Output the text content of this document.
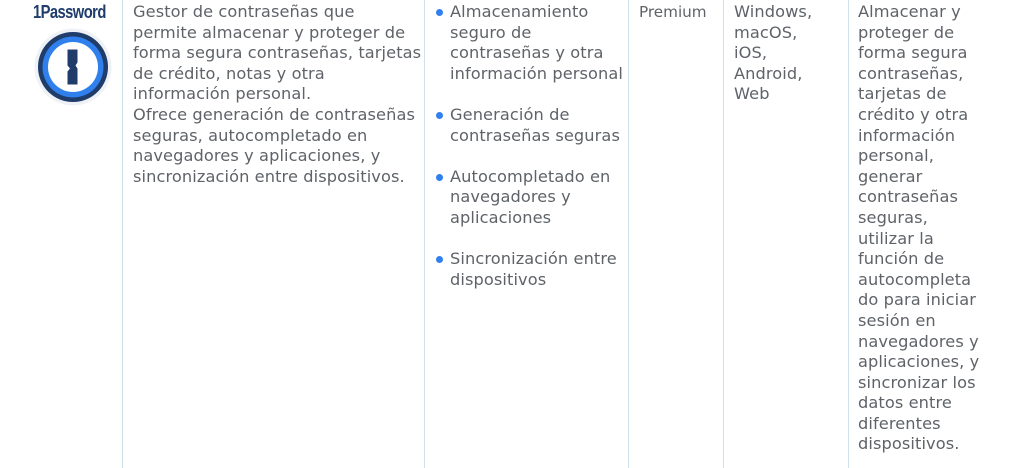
1Password Gestor de contraseñas que permite almacenar y proteger de forma segura contraseñas, tarjetas de crédito, notas y otra información personal.

Ofrece generación de contraseñas seguras, autocompletado en navegadores y aplicaciones, y sincronización entre dispositivos.

Almacenamiento seguro de contraseñas y otra información personal
Generación de contraseñas seguras
Autocompletado en navegadores y aplicaciones
Sincronización entre dispositivos
Premium Windows,
macOS,
iOS,
Android,
Web
Almacenar y
proteger de
forma segura
contraseñas,
tarjetas de
crédito y otra
información
personal,
generar
contraseñas
seguras,
utilizar la
función de
autocompleta
do para iniciar
sesión en
navegadores y
aplicaciones, y
sincronizar los
datos entre
diferentes
dispositivos.
